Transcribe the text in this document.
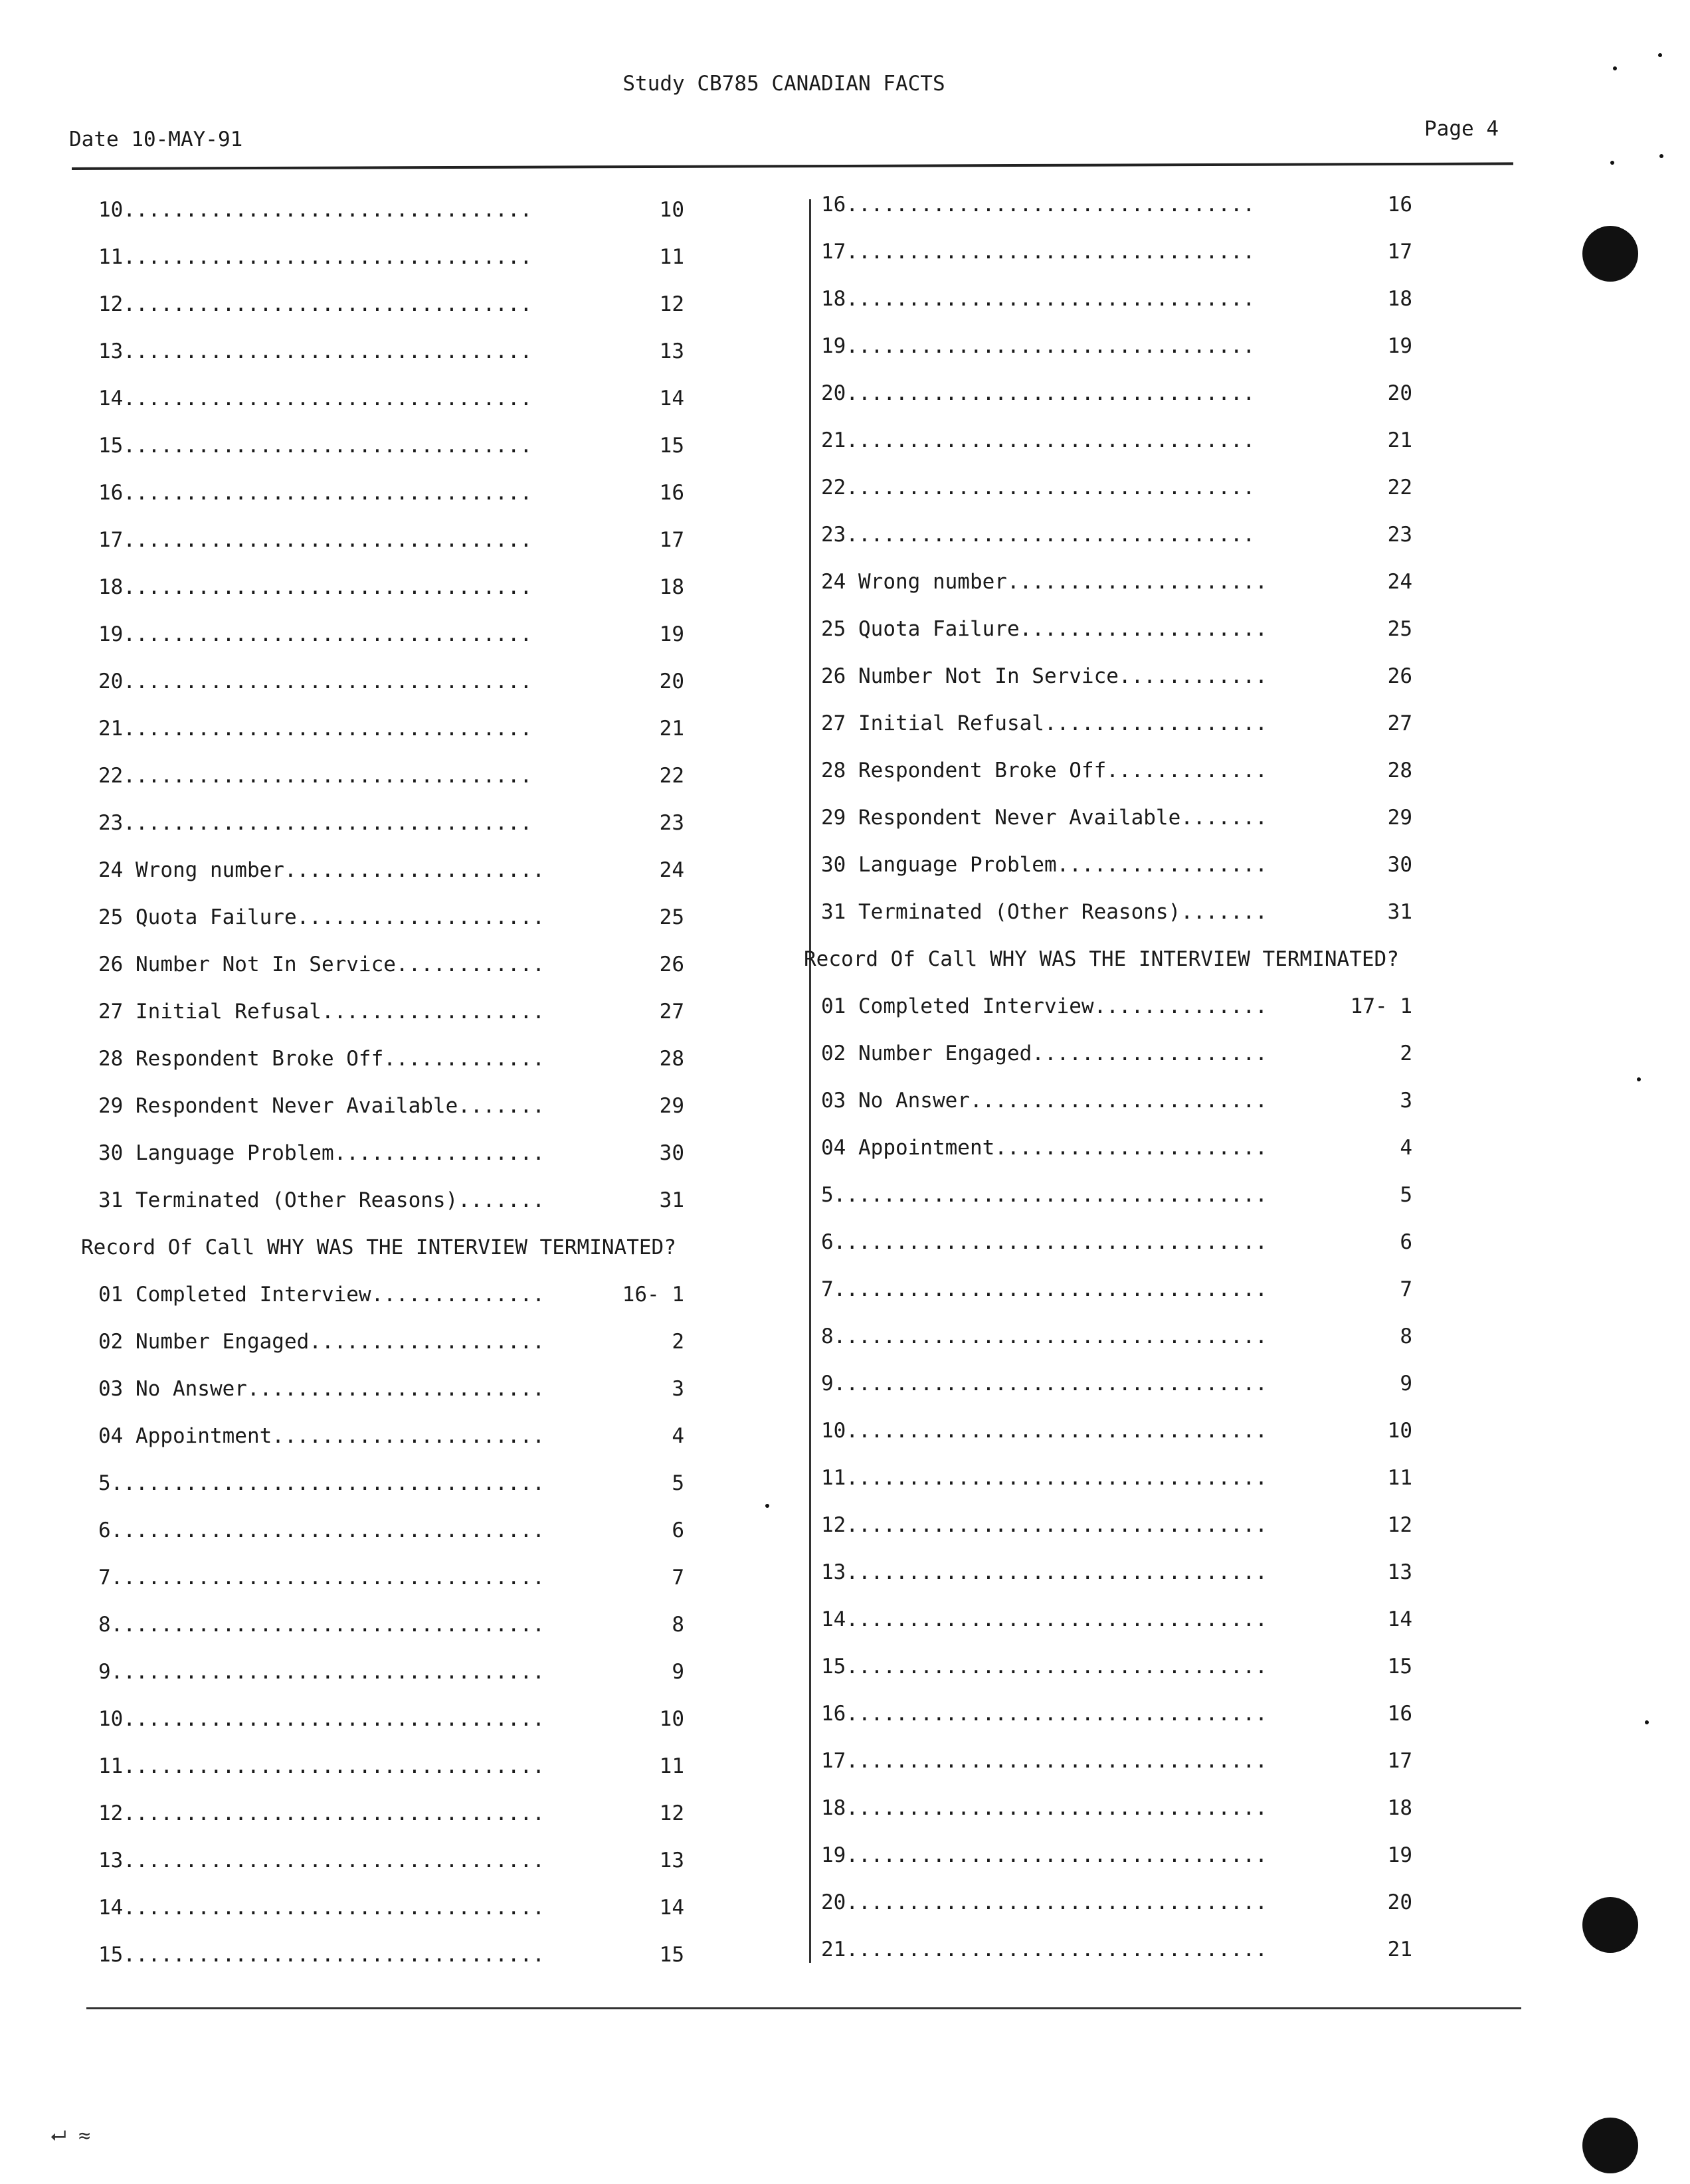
Study CB785 CANADIAN FACTS
Date 10-MAY-91	Page 4
10.................................	10
11.................................	11
12.................................	12
13.................................	13
14.................................	14
15.................................	15
16.................................	16
17.................................	17
18.................................	18
19.................................	19
20.................................	20
21.................................	21
22.................................	22
23.................................	23
24 Wrong number.....................	24
25 Quota Failure....................	25
26 Number Not In Service............	26
27 Initial Refusal..................	27
28 Respondent Broke Off.............	28
29 Respondent Never Available.......	29
30 Language Problem.................	30
31 Terminated (Other Reasons).......	31
Record Of Call WHY WAS THE INTERVIEW TERMINATED?
01 Completed Interview..............	16- 1
02 Number Engaged...................	2
03 No Answer........................	3
04 Appointment......................	4
5...................................	5
6...................................	6
7...................................	7
8...................................	8
9...................................	9
10..................................	10
11..................................	11
12..................................	12
13..................................	13
14..................................	14
15..................................	15
16.................................	16
17.................................	17
18.................................	18
19.................................	19
20.................................	20
21.................................	21
22.................................	22
23.................................	23
24 Wrong number.....................	24
25 Quota Failure....................	25
26 Number Not In Service............	26
27 Initial Refusal..................	27
28 Respondent Broke Off.............	28
29 Respondent Never Available.......	29
30 Language Problem.................	30
31 Terminated (Other Reasons).......	31
Record Of Call WHY WAS THE INTERVIEW TERMINATED?
01 Completed Interview..............	17- 1
02 Number Engaged...................	2
03 No Answer........................	3
04 Appointment......................	4
5...................................	5
6...................................	6
7...................................	7
8...................................	8
9...................................	9
10..................................	10
11..................................	11
12..................................	12
13..................................	13
14..................................	14
15..................................	15
16..................................	16
17..................................	17
18..................................	18
19..................................	19
20..................................	20
21..................................	21
⮠ ≈
